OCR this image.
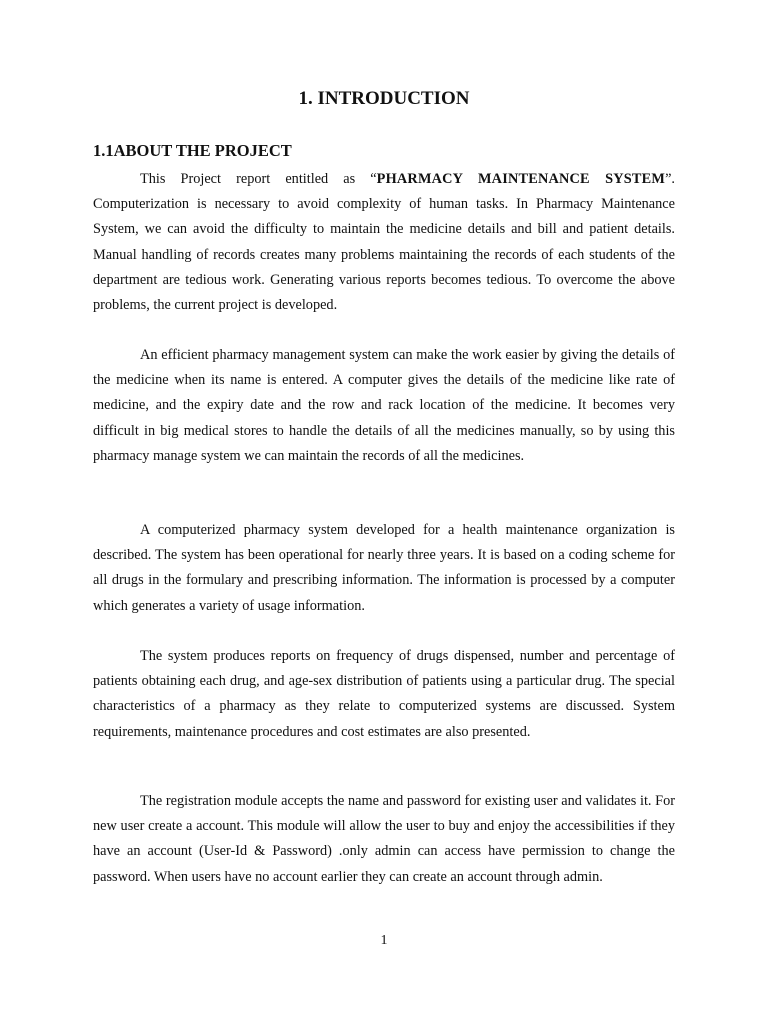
1. INTRODUCTION
1.1ABOUT THE PROJECT

This Project report entitled as “PHARMACY MAINTENANCE SYSTEM”. Computerization is necessary to avoid complexity of human tasks. In Pharmacy Maintenance System, we can avoid the difficulty to maintain the medicine details and bill and patient details. Manual handling of records creates many problems maintaining the records of each students of the department are tedious work. Generating various reports becomes tedious. To overcome the above problems, the current project is developed.

An efficient pharmacy management system can make the work easier by giving the details of the medicine when its name is entered. A computer gives the details of the medicine like rate of medicine, and the expiry date and the row and rack location of the medicine. It becomes very difficult in big medical stores to handle the details of all the medicines manually, so by using this pharmacy manage system we can maintain the records of all the medicines.

A computerized pharmacy system developed for a health maintenance organization is described. The system has been operational for nearly three years. It is based on a coding scheme for all drugs in the formulary and prescribing information. The information is processed by a computer which generates a variety of usage information.

The system produces reports on frequency of drugs dispensed, number and percentage of patients obtaining each drug, and age-sex distribution of patients using a particular drug. The special characteristics of a pharmacy as they relate to computerized systems are discussed. System requirements, maintenance procedures and cost estimates are also presented.

The registration module accepts the name and password for existing user and validates it. For new user create a account. This module will allow the user to buy and enjoy the accessibilities if they have an account (User-Id & Password) .only admin can access have permission to change the password. When users have no account earlier they can create an account through admin.

1
